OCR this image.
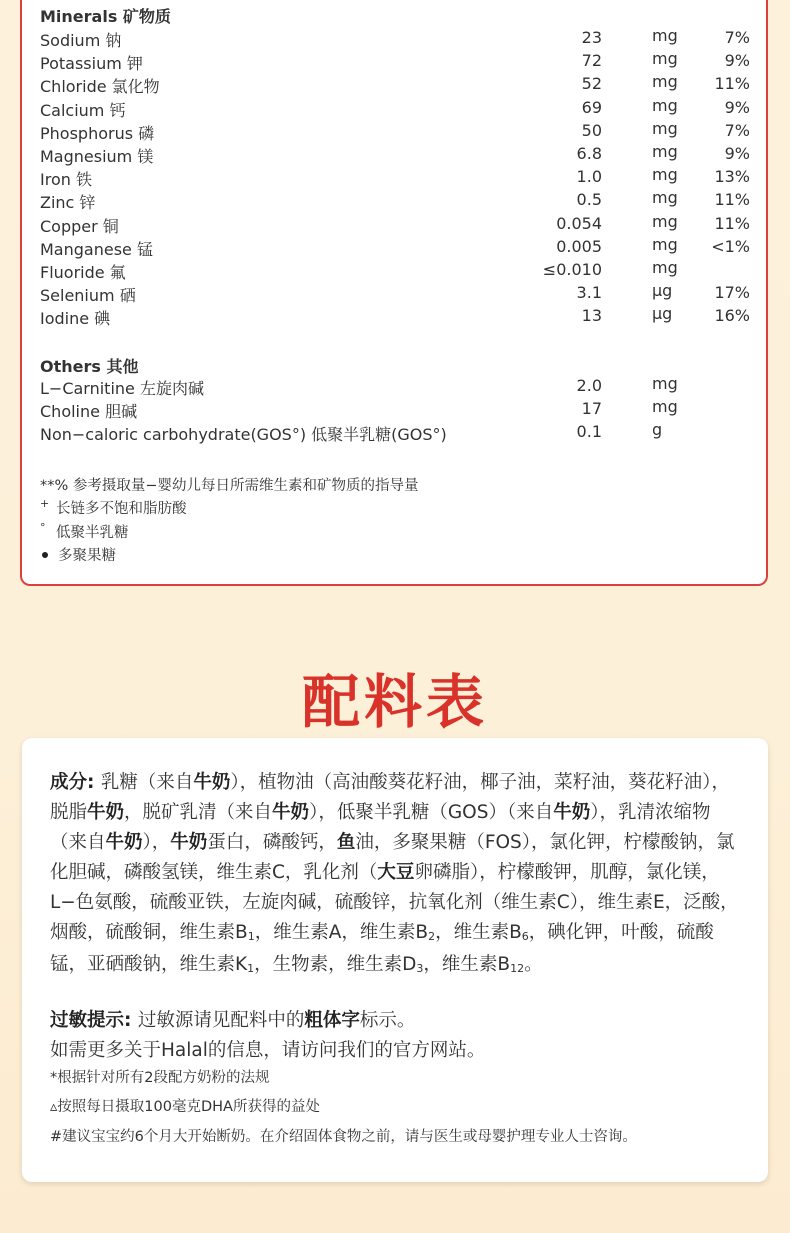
Minerals 矿物质
Sodium 钠	23	mg	7%
Potassium 钾	72	mg	9%
Chloride 氯化物	52	mg 11%
Calcium 钙	69	mg	9%
Phosphorus 磷	50	mg	7%
Magnesium 镁	6.8	mg	9%
Iron 铁	1.0	mg 13%
Zinc 锌	0.5	mg 11%
Copper 铜	0.054	mg 11%
Manganese 锰	0.005	mg <1%
Fluoride 氟	≤0.010	mg
Selenium 硒	3.1	μg	17%
Iodine 碘	13	μg	16%
Others 其他
L−Carnitine 左旋肉碱	2.0	mg
Choline 胆碱	17	mg
Non−caloric carbohydrate(GOS°) 低聚半乳糖(GOS°)	0.1	g
**% 参考摄取量−婴幼儿每日所需维生素和矿物质的指导量
+ 长链多不饱和脂肪酸
° 低聚半乳糖
多聚果糖
配料表
成分: 乳糖（来自牛奶），植物油（高油酸葵花籽油，椰子油，菜籽油，葵花籽油），脱脂牛奶，脱矿乳清（来自牛奶），低聚半乳糖（GOS）（来自牛奶），乳清浓缩物（来自牛奶），牛奶蛋白，磷酸钙，鱼油，多聚果糖（FOS），氯化钾，柠檬酸钠，氯化胆碱，磷酸氢镁，维生素C，乳化剂（大豆卵磷脂），柠檬酸钾，肌醇，氯化镁，L−色氨酸，硫酸亚铁，左旋肉碱，硫酸锌，抗氧化剂（维生素C），维生素E，泛酸，烟酸，硫酸铜，维生素$B_1$，维生素A，维生素$B_2$，维生素$B_6$，碘化钾，叶酸，硫酸锰，亚硒酸钠，维生素$K_1$，生物素，维生素$D_3$，维生素$B_{12}$。
过敏提示: 过敏源请见配料中的粗体字标示。
如需更多关于Halal的信息，请访问我们的官方网站。
*根据针对所有2段配方奶粉的法规
▵按照每日摄取100毫克DHA所获得的益处
#建议宝宝约6个月大开始断奶。在介绍固体食物之前，请与医生或母婴护理专业人士咨询。
